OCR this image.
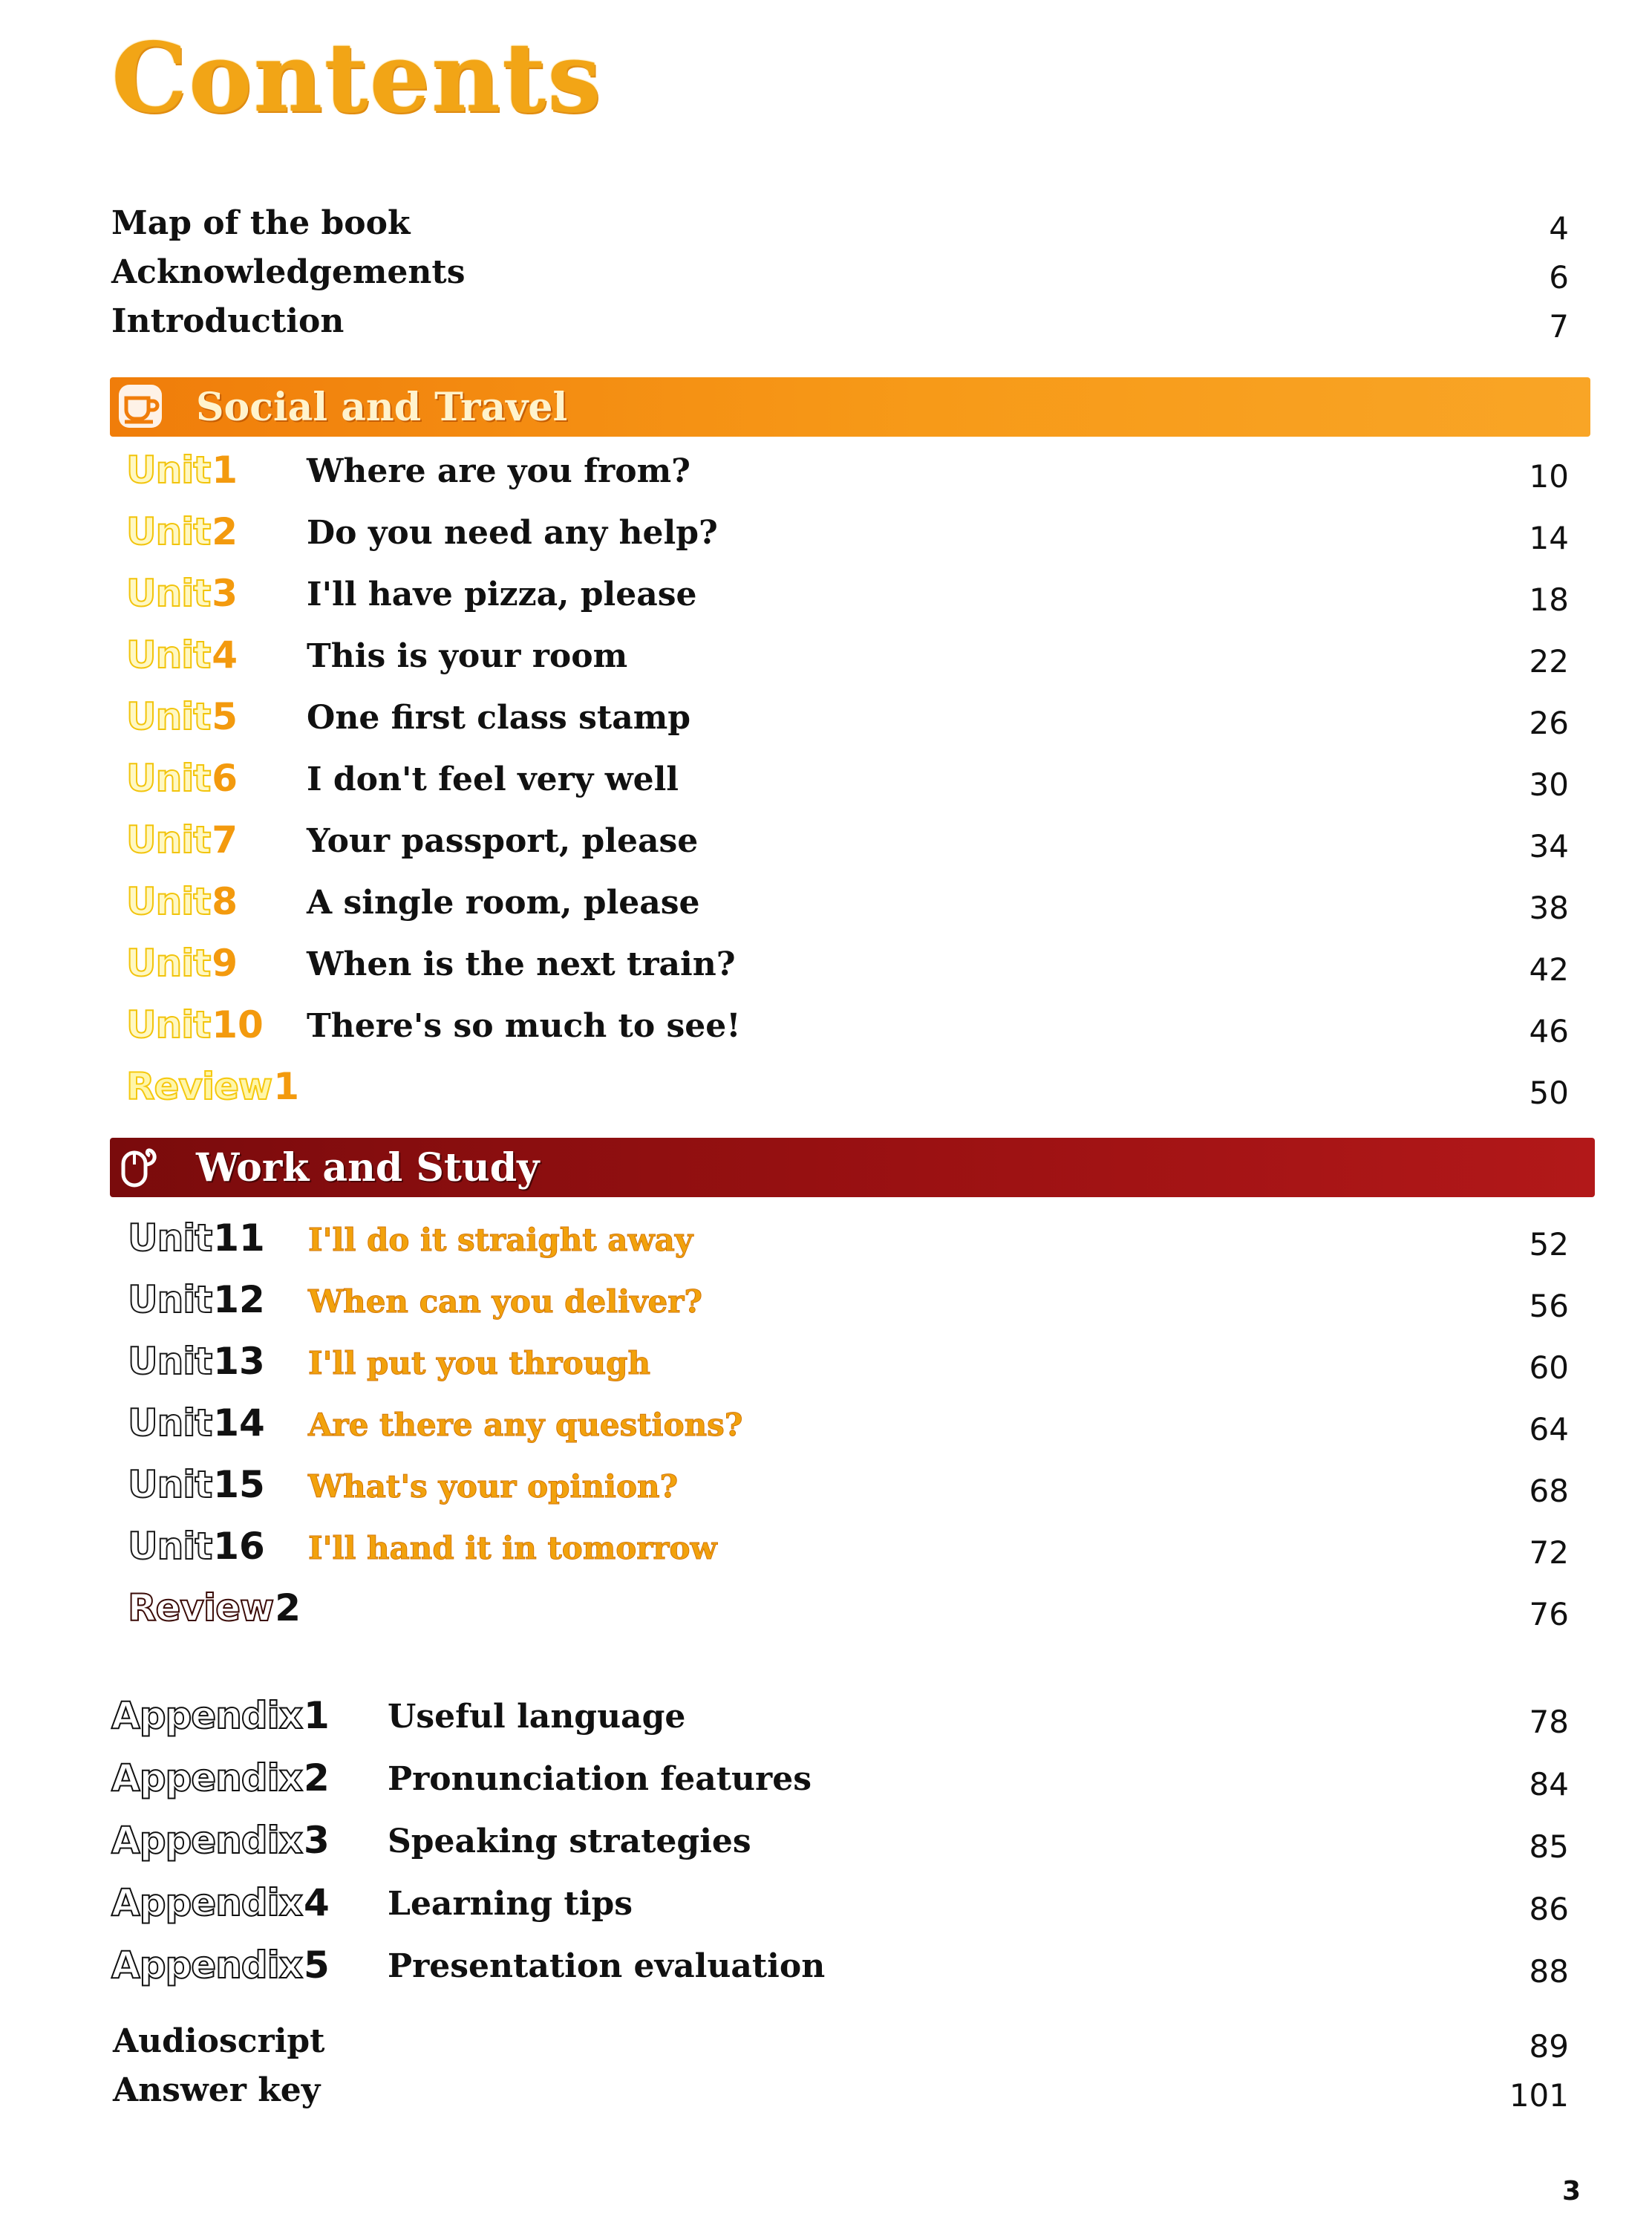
Contents
Map of the book	4
Acknowledgements	6
Introduction	7
Social and Travel
Unit1 Where are you from?	10
Unit2 Do you need any help?	14
Unit3 I'll have pizza, please	18
Unit4 This is your room	22
Unit5 One first class stamp	26
Unit6 I don't feel very well	30
Unit7 Your passport, please	34
Unit8 A single room, please	38
Unit9 When is the next train?	42
Unit10 There's so much to see!	46
Review1	50
Work and Study
Unit11 I'll do it straight away	52
Unit12 When can you deliver?	56
Unit13 I'll put you through	60
Unit14 Are there any questions?	64
Unit15 What's your opinion?	68
Unit16 I'll hand it in tomorrow	72
Review2	76
Appendix1 Useful language	78
Appendix2 Pronunciation features	84
Appendix3 Speaking strategies	85
Appendix4 Learning tips	86
Appendix5 Presentation evaluation	88
Audioscript	89
Answer key	101
3
